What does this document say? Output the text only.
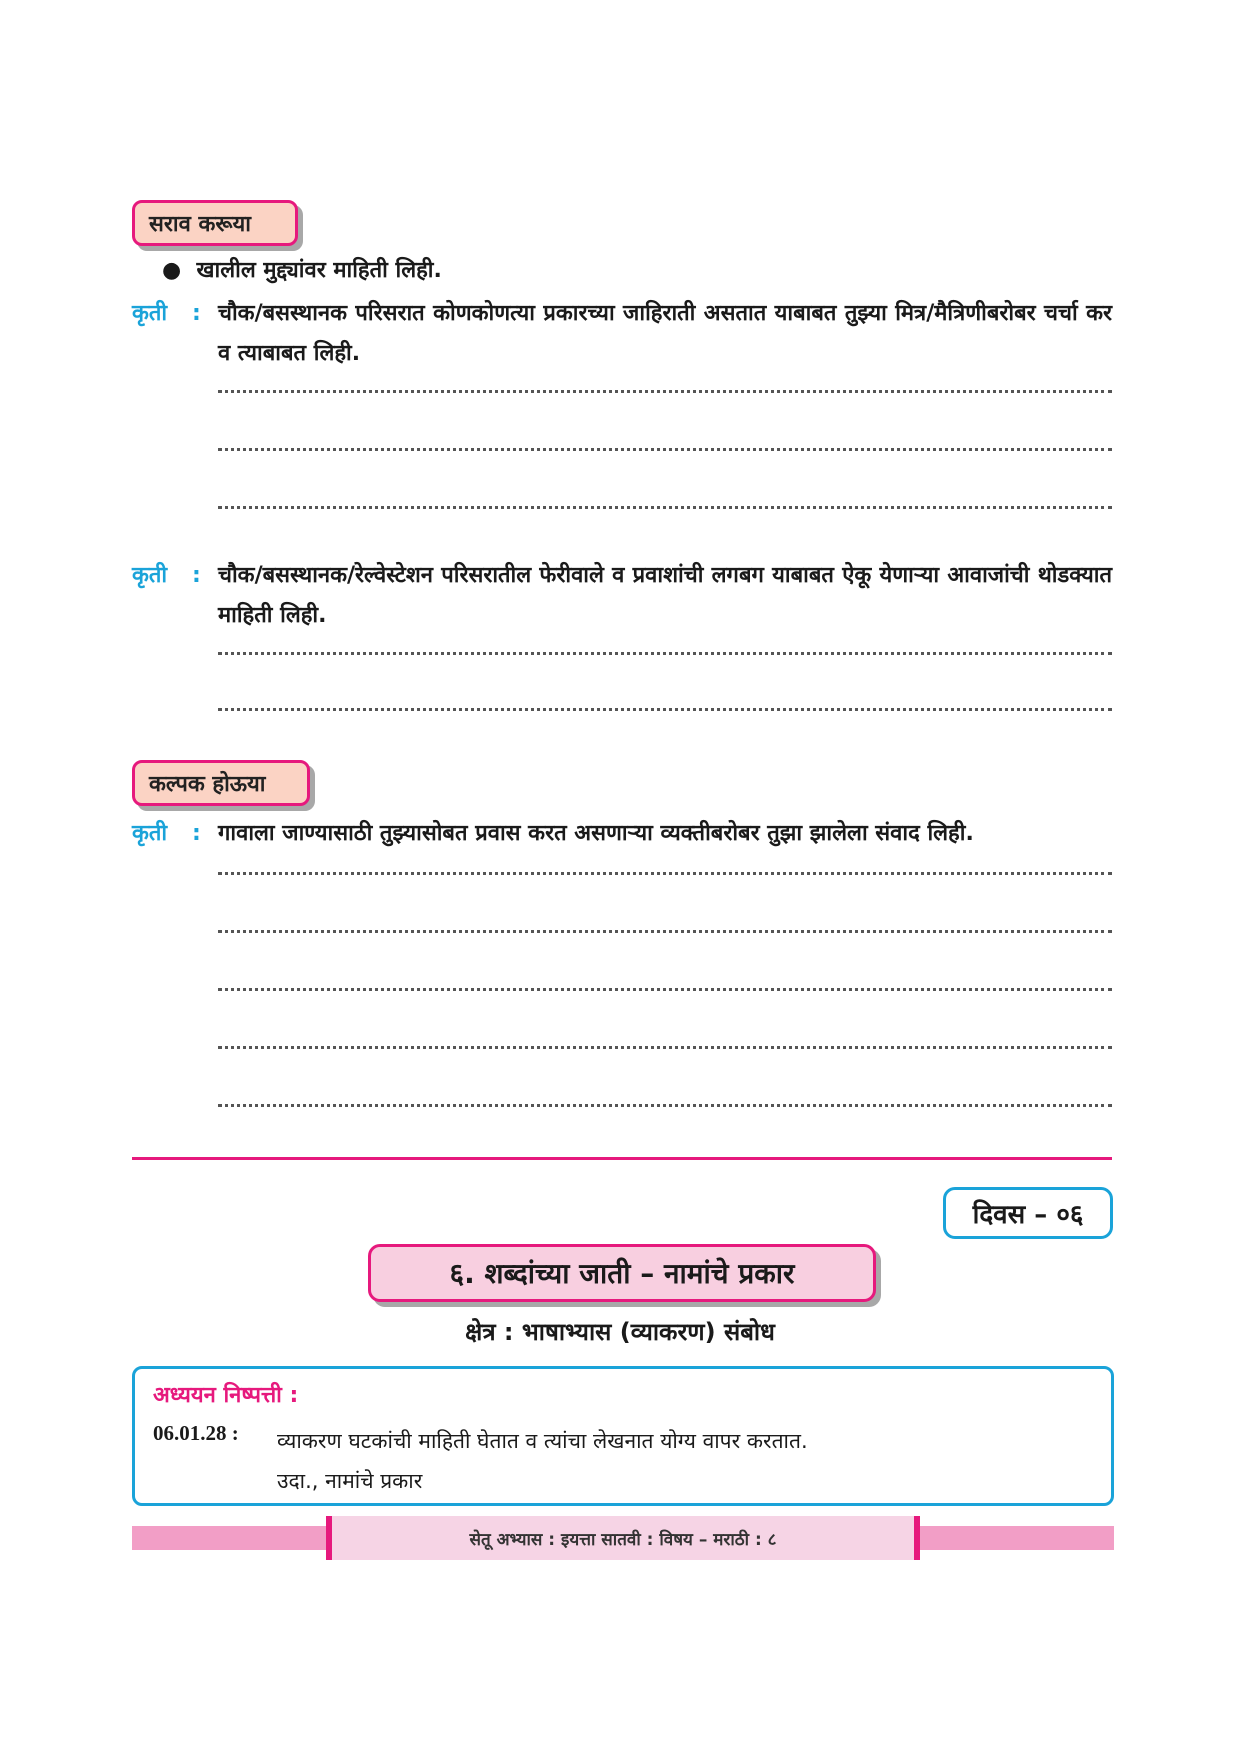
सराव करूया
●  खालील मुद्द्यांवर माहिती लिही.
कृती : चौक/बसस्थानक परिसरात कोणकोणत्या प्रकारच्या जाहिराती असतात याबाबत तुझ्या मित्र/मैत्रिणीबरोबर चर्चा कर व त्याबाबत लिही.
कृती : चौक/बसस्थानक/रेल्वेस्टेशन परिसरातील फेरीवाले व प्रवाशांची लगबग याबाबत ऐकू येणाऱ्या आवाजांची थोडक्यात माहिती लिही.
कल्पक होऊया
कृती : गावाला जाण्यासाठी तुझ्यासोबत प्रवास करत असणाऱ्या व्यक्तीबरोबर तुझा झालेला संवाद लिही.
दिवस – ०६
६. शब्दांच्या जाती – नामांचे प्रकार
क्षेत्र : भाषाभ्यास (व्याकरण) संबोध
अध्ययन निष्पत्ती :
06.01.28 : व्याकरण घटकांची माहिती घेतात व त्यांचा लेखनात योग्य वापर करतात.
उदा., नामांचे प्रकार
सेतू अभ्यास : इयत्ता सातवी : विषय – मराठी : ८
